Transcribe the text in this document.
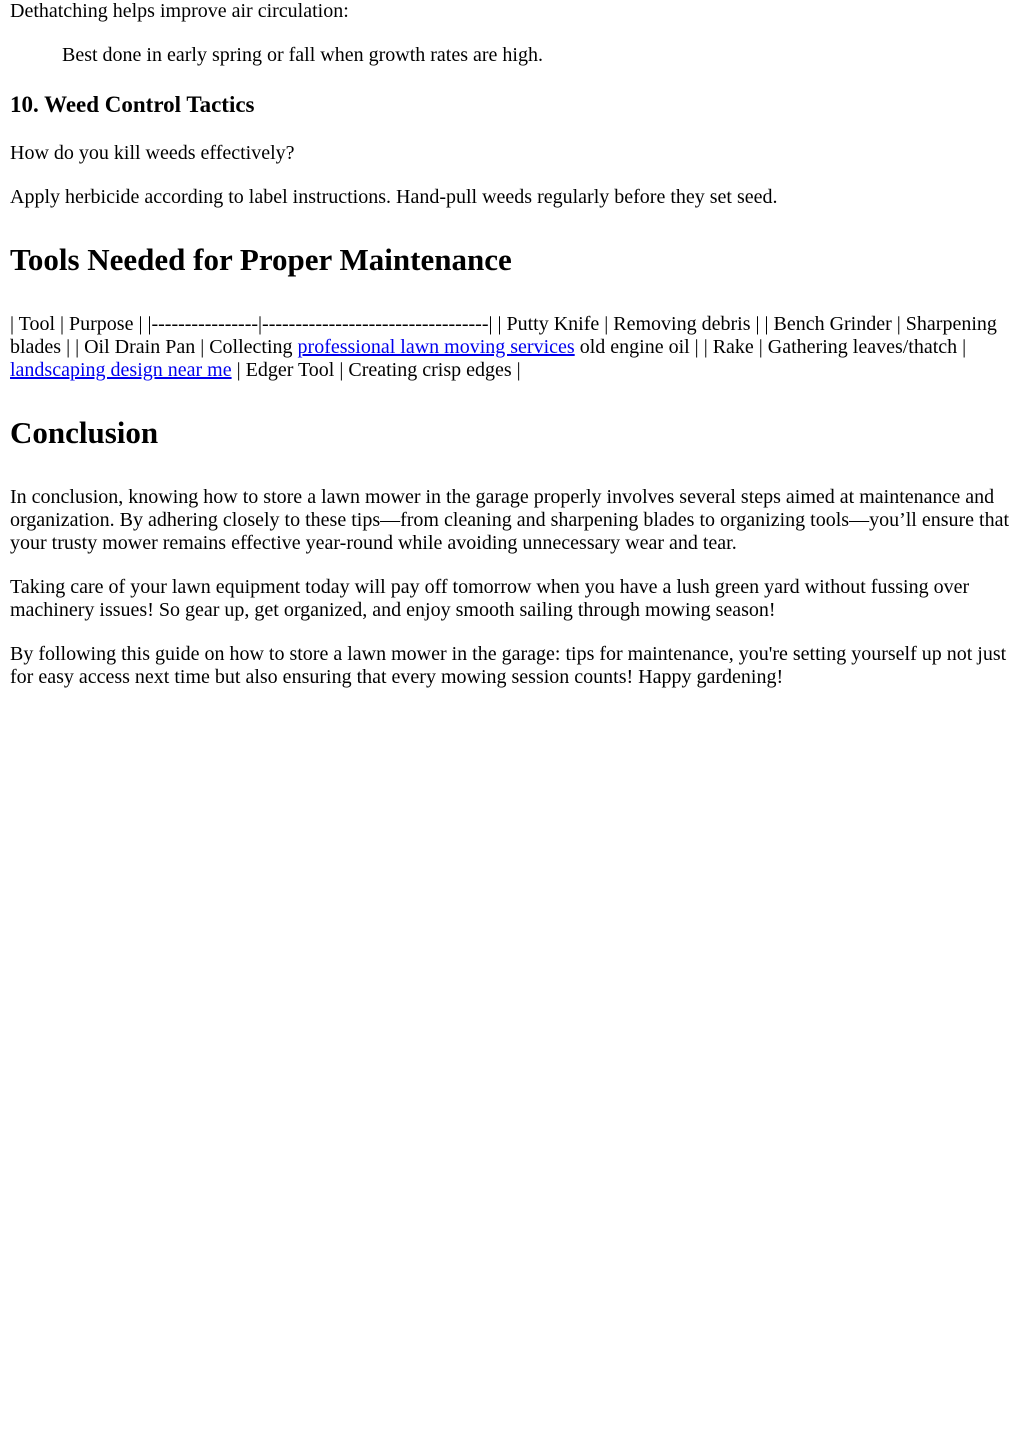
Dethatching helps improve air circulation:

Best done in early spring or fall when growth rates are high.
10. Weed Control Tactics

How do you kill weeds effectively?

Apply herbicide according to label instructions. Hand-pull weeds regularly before they set seed.

Tools Needed for Proper Maintenance

| Tool | Purpose | |----------------|----------------------------------| | Putty Knife | Removing debris | | Bench Grinder | Sharpening blades | | Oil Drain Pan | Collecting professional lawn moving services old engine oil | | Rake | Gathering leaves/thatch | landscaping design near me | Edger Tool | Creating crisp edges |

Conclusion

In conclusion, knowing how to store a lawn mower in the garage properly involves several steps aimed at maintenance and organization. By adhering closely to these tips—from cleaning and sharpening blades to organizing tools—you’ll ensure that your trusty mower remains effective year-round while avoiding unnecessary wear and tear.

Taking care of your lawn equipment today will pay off tomorrow when you have a lush green yard without fussing over machinery issues! So gear up, get organized, and enjoy smooth sailing through mowing season!

By following this guide on how to store a lawn mower in the garage: tips for maintenance, you're setting yourself up not just for easy access next time but also ensuring that every mowing session counts! Happy gardening!
